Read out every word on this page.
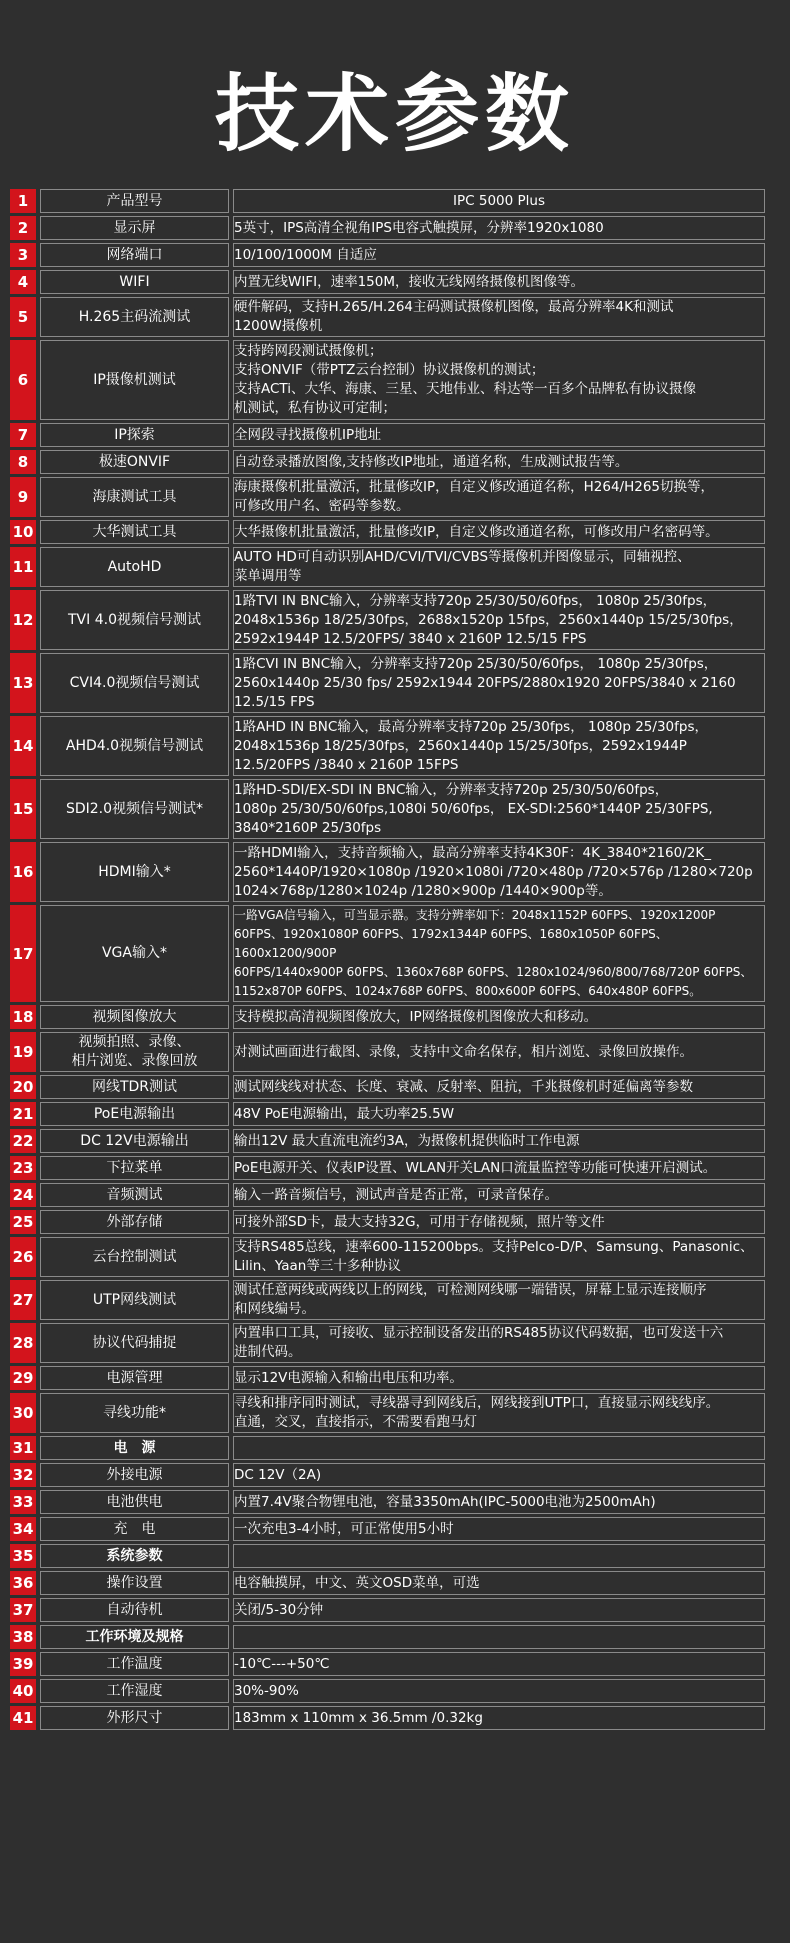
技术参数
1		产品型号		IPC 5000 Plus
2		显示屏		5英寸，IPS高清全视角IPS电容式触摸屏，分辨率1920x1080
3		网络端口		10/100/1000M 自适应
4		WIFI		内置无线WIFI，速率150M，接收无线网络摄像机图像等。
5		H.265主码流测试		硬件解码，支持H.265/H.264主码测试摄像机图像，最高分辨率4K和测试
1200W摄像机
6		IP摄像机测试		支持跨网段测试摄像机；
支持ONVIF（带PTZ云台控制）协议摄像机的测试；
支持ACTi、大华、海康、三星、天地伟业、科达等一百多个品牌私有协议摄像
机测试，私有协议可定制；
7		IP探索		全网段寻找摄像机IP地址
8		极速ONVIF		自动登录播放图像,支持修改IP地址，通道名称，生成测试报告等。
9		海康测试工具		海康摄像机批量激活，批量修改IP，自定义修改通道名称，H264/H265切换等，
可修改用户名、密码等参数。
10		大华测试工具		大华摄像机批量激活，批量修改IP，自定义修改通道名称，可修改用户名密码等。
11		AutoHD		AUTO HD可自动识别AHD/CVI/TVI/CVBS等摄像机并图像显示，同轴视控、
菜单调用等
12		TVI 4.0视频信号测试		1路TVI IN BNC输入，分辨率支持720p 25/30/50/60fps， 1080p 25/30fps，
2048x1536p 18/25/30fps，2688x1520p 15fps，2560x1440p 15/25/30fps，
2592x1944P 12.5/20FPS/ 3840 x 2160P 12.5/15 FPS
13		CVI4.0视频信号测试		1路CVI IN BNC输入，分辨率支持720p 25/30/50/60fps， 1080p 25/30fps，
2560x1440p 25/30 fps/ 2592x1944 20FPS/2880x1920 20FPS/3840 x 2160
12.5/15 FPS
14		AHD4.0视频信号测试		1路AHD IN BNC输入，最高分辨率支持720p 25/30fps， 1080p 25/30fps，
2048x1536p 18/25/30fps，2560x1440p 15/25/30fps，2592x1944P
12.5/20FPS /3840 x 2160P 15FPS
15		SDI2.0视频信号测试*		1路HD-SDI/EX-SDI IN BNC输入，分辨率支持720p 25/30/50/60fps，
1080p 25/30/50/60fps,1080i 50/60fps， EX-SDI:2560*1440P 25/30FPS,
3840*2160P 25/30fps
16		HDMI输入*		一路HDMI输入，支持音频输入，最高分辨率支持4K30F：4K_3840*2160/2K_
2560*1440P/1920×1080p /1920×1080i /720×480p /720×576p /1280×720p
1024×768p/1280×1024p /1280×900p /1440×900p等。
17		VGA输入*		一路VGA信号输入，可当显示器。支持分辨率如下：2048x1152P 60FPS、1920x1200P
60FPS、1920x1080P 60FPS、1792x1344P 60FPS、1680x1050P 60FPS、1600x1200/900P
60FPS/1440x900P 60FPS、1360x768P 60FPS、1280x1024/960/800/768/720P 60FPS、
1152x870P 60FPS、1024x768P 60FPS、800x600P 60FPS、640x480P 60FPS。
18		视频图像放大		支持模拟高清视频图像放大，IP网络摄像机图像放大和移动。
19		视频拍照、录像、
相片浏览、录像回放		对测试画面进行截图、录像，支持中文命名保存，相片浏览、录像回放操作。
20		网线TDR测试		测试网线线对状态、长度、衰减、反射率、阻抗，千兆摄像机时延偏离等参数
21		PoE电源输出		48V PoE电源输出，最大功率25.5W
22		DC 12V电源输出		输出12V 最大直流电流约3A，为摄像机提供临时工作电源
23		下拉菜单		PoE电源开关、仪表IP设置、WLAN开关LAN口流量监控等功能可快速开启测试。
24		音频测试		输入一路音频信号，测试声音是否正常，可录音保存。
25		外部存储		可接外部SD卡，最大支持32G，可用于存储视频，照片等文件
26		云台控制测试		支持RS485总线，速率600-115200bps。支持Pelco-D/P、Samsung、Panasonic、
Lilin、Yaan等三十多种协议
27		UTP网线测试		测试任意两线或两线以上的网线，可检测网线哪一端错误，屏幕上显示连接顺序
和网线编号。
28		协议代码捕捉		内置串口工具，可接收、显示控制设备发出的RS485协议代码数据，也可发送十六
进制代码。
29		电源管理		显示12V电源输入和输出电压和功率。
30		寻线功能*		寻线和排序同时测试，寻线器寻到网线后，网线接到UTP口，直接显示网线线序。
直通，交叉，直接指示，不需要看跑马灯
31		电　源		
32		外接电源		DC 12V（2A)
33		电池供电		内置7.4V聚合物锂电池，容量3350mAh(IPC-5000电池为2500mAh)
34		充　电		一次充电3-4小时，可正常使用5小时
35		系统参数		
36		操作设置		电容触摸屏，中文、英文OSD菜单，可选
37		自动待机		关闭/5-30分钟
38		工作环境及规格		
39		工作温度		-10℃---+50℃
40		工作湿度		30%-90%
41		外形尺寸		183mm x 110mm x 36.5mm /0.32kg
